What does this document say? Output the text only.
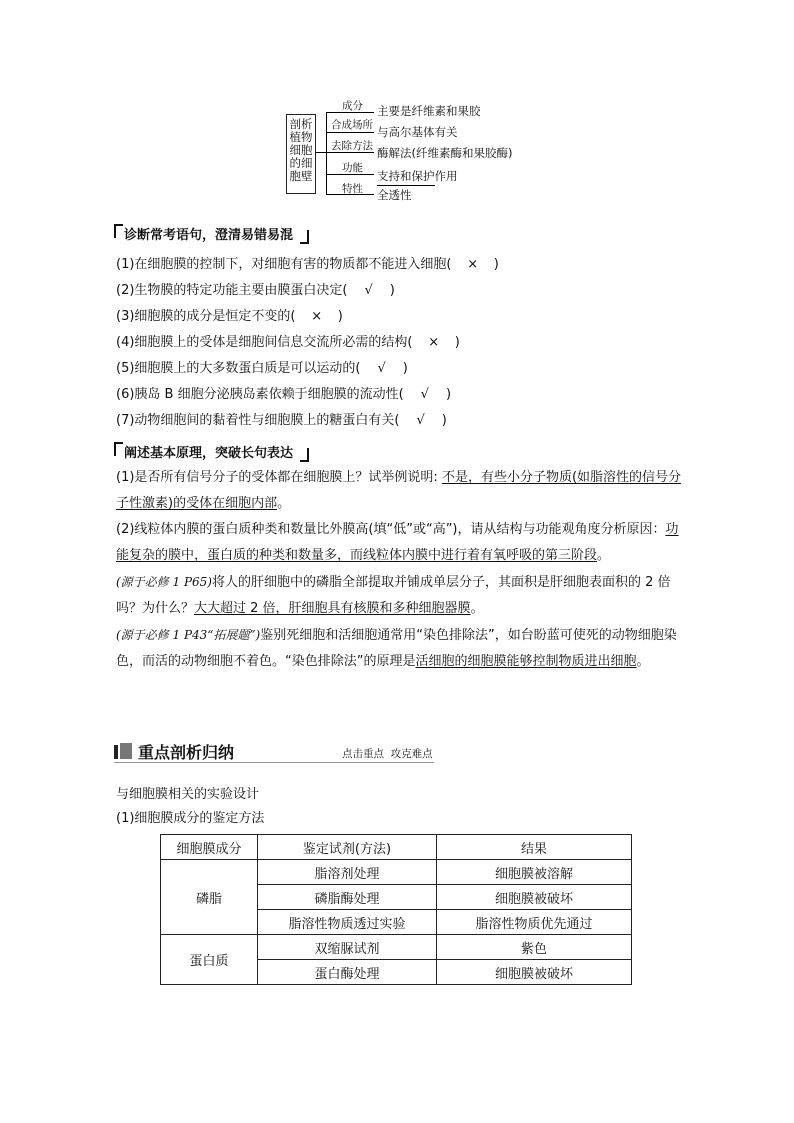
剖析
植物
细胞
的细
胞壁
成分
合成场所
去除方法
功能
特性
主要是纤维素和果胶
与高尔基体有关
酶解法(纤维素酶和果胶酶)
支持和保护作用
全透性
诊断常考语句，澄清易错易混
(1)在细胞膜的控制下，对细胞有害的物质都不能进入细胞( × )
(2)生物膜的特定功能主要由膜蛋白决定( √ )
(3)细胞膜的成分是恒定不变的( × )
(4)细胞膜上的受体是细胞间信息交流所必需的结构( × )
(5)细胞膜上的大多数蛋白质是可以运动的( √ )
(6)胰岛 B 细胞分泌胰岛素依赖于细胞膜的流动性( √ )
(7)动物细胞间的黏着性与细胞膜上的糖蛋白有关( √ )
阐述基本原理，突破长句表达
(1)是否所有信号分子的受体都在细胞膜上？试举例说明: 不是，有些小分子物质(如脂溶性的信号分子性激素)的受体在细胞内部。
(2)线粒体内膜的蛋白质种类和数量比外膜高(填“低”或“高”)，请从结构与功能观角度分析原因：功能复杂的膜中，蛋白质的种类和数量多，而线粒体内膜中进行着有氧呼吸的第三阶段。
(源于必修 1 P65)将人的肝细胞中的磷脂全部提取并铺成单层分子，其面积是肝细胞表面积的 2 倍吗？为什么？大大超过 2 倍，肝细胞具有核膜和多种细胞器膜。
(源于必修 1 P43“拓展题”)鉴别死细胞和活细胞通常用“染色排除法”，如台盼蓝可使死的动物细胞染色，而活的动物细胞不着色。“染色排除法”的原理是活细胞的细胞膜能够控制物质进出细胞。
重点剖析归纳	点击重点  攻克难点
与细胞膜相关的实验设计
(1)细胞膜成分的鉴定方法
细胞膜成分	鉴定试剂(方法)	结果
磷脂	脂溶剂处理	细胞膜被溶解
	磷脂酶处理	细胞膜被破坏
	脂溶性物质透过实验	脂溶性物质优先通过
蛋白质	双缩脲试剂	紫色
	蛋白酶处理	细胞膜被破坏
